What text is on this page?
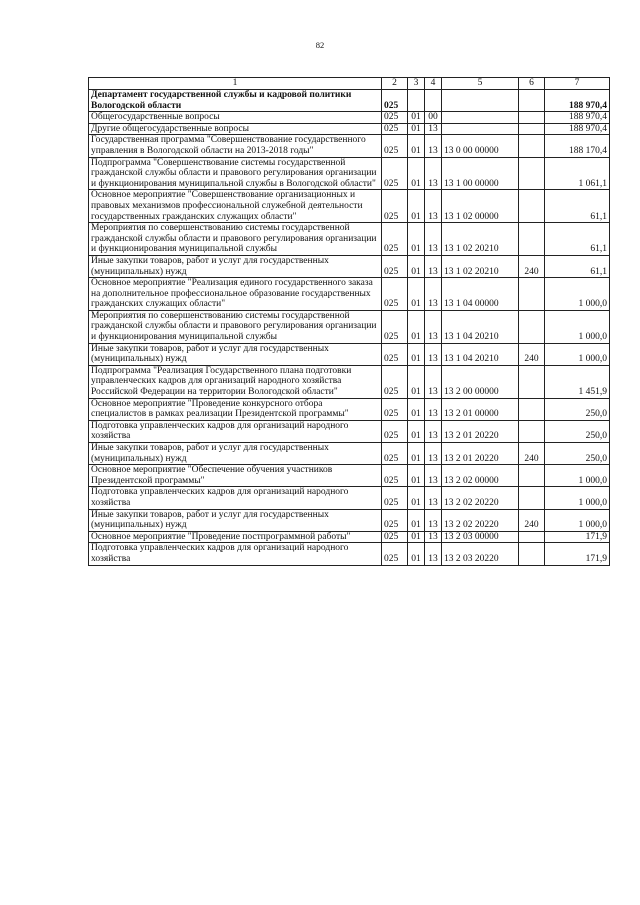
82
1	2	3	4	5	6	7
Департамент государственной службы и кадровой политики Вологодской области	025					188 970,4
Общегосударственные вопросы	025	01	00			188 970,4
Другие общегосударственные вопросы	025	01	13			188 970,4
Государственная программа "Совершенствование государственного управления в Вологодской области на 2013-2018 годы"	025	01	13	13 0 00 00000		188 170,4
Подпрограмма "Совершенствование системы государственной гражданской службы области и правового регулирования организации и функционирования муниципальной службы в Вологодской области"	025	01	13	13 1 00 00000		1 061,1
Основное мероприятие "Совершенствование организационных и правовых механизмов профессиональной служебной деятельности государственных гражданских служащих области"	025	01	13	13 1 02 00000		61,1
Мероприятия по совершенствованию системы государственной гражданской службы области и правового регулирования организации и функционирования муниципальной службы	025	01	13	13 1 02 20210		61,1
Иные закупки товаров, работ и услуг для государственных (муниципальных) нужд	025	01	13	13 1 02 20210	240	61,1
Основное мероприятие "Реализация единого государственного заказа на дополнительное профессиональное образование государственных гражданских служащих области"	025	01	13	13 1 04 00000		1 000,0
Мероприятия по совершенствованию системы государственной гражданской службы области и правового регулирования организации и функционирования муниципальной службы	025	01	13	13 1 04 20210		1 000,0
Иные закупки товаров, работ и услуг для государственных (муниципальных) нужд	025	01	13	13 1 04 20210	240	1 000,0
Подпрограмма "Реализация Государственного плана подготовки управленческих кадров для организаций народного хозяйства Российской Федерации на территории Вологодской области"	025	01	13	13 2 00 00000		1 451,9
Основное мероприятие "Проведение конкурсного отбора специалистов в рамках реализации Президентской программы"	025	01	13	13 2 01 00000		250,0
Подготовка управленческих кадров для организаций народного хозяйства	025	01	13	13 2 01 20220		250,0
Иные закупки товаров, работ и услуг для государственных (муниципальных) нужд	025	01	13	13 2 01 20220	240	250,0
Основное мероприятие "Обеспечение обучения участников Президентской программы"	025	01	13	13 2 02 00000		1 000,0
Подготовка управленческих кадров для организаций народного хозяйства	025	01	13	13 2 02 20220		1 000,0
Иные закупки товаров, работ и услуг для государственных (муниципальных) нужд	025	01	13	13 2 02 20220	240	1 000,0
Основное мероприятие "Проведение постпрограммной работы"	025	01	13	13 2 03 00000		171,9
Подготовка управленческих кадров для организаций народного хозяйства	025	01	13	13 2 03 20220		171,9
